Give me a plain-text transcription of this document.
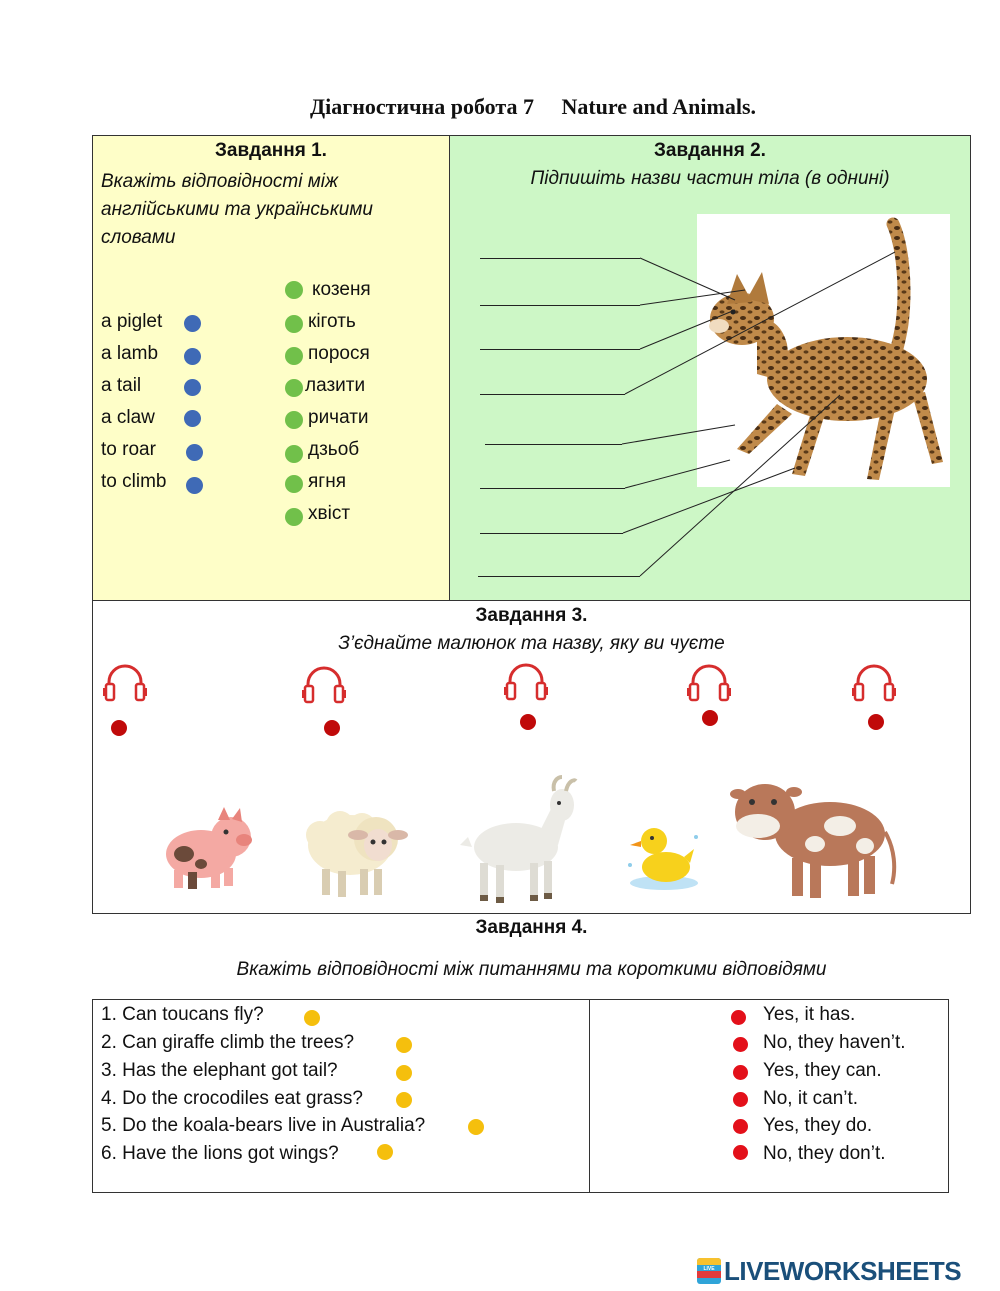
Діагностична робота 7     Nature and Animals.
Завдання 1.
Вкажіть відповідності між англійськими та українськими словами
a piglet
a lamb
a tail
a claw
to roar
to climb
козеня
кіготь
порося
лазити
ричати
дзьоб
ягня
хвіст
Завдання 2.
Підпишіть назви частин тіла (в однині)
Завдання 3.
З’єднайте малюнок та назву, яку ви чуєте
Завдання 4.
Вкажіть відповідності між питаннями та короткими відповідями
1. Can toucans fly?
2. Can giraffe climb the trees?
3. Has the elephant got tail?
4. Do the crocodiles eat grass?
5. Do the koala-bears live in Australia?
6. Have the lions got wings?
Yes, it has.
No, they haven’t.
Yes, they can.
No, it can’t.
Yes, they do.
No, they don’t.
LIVE LIVEWORKSHEETS
